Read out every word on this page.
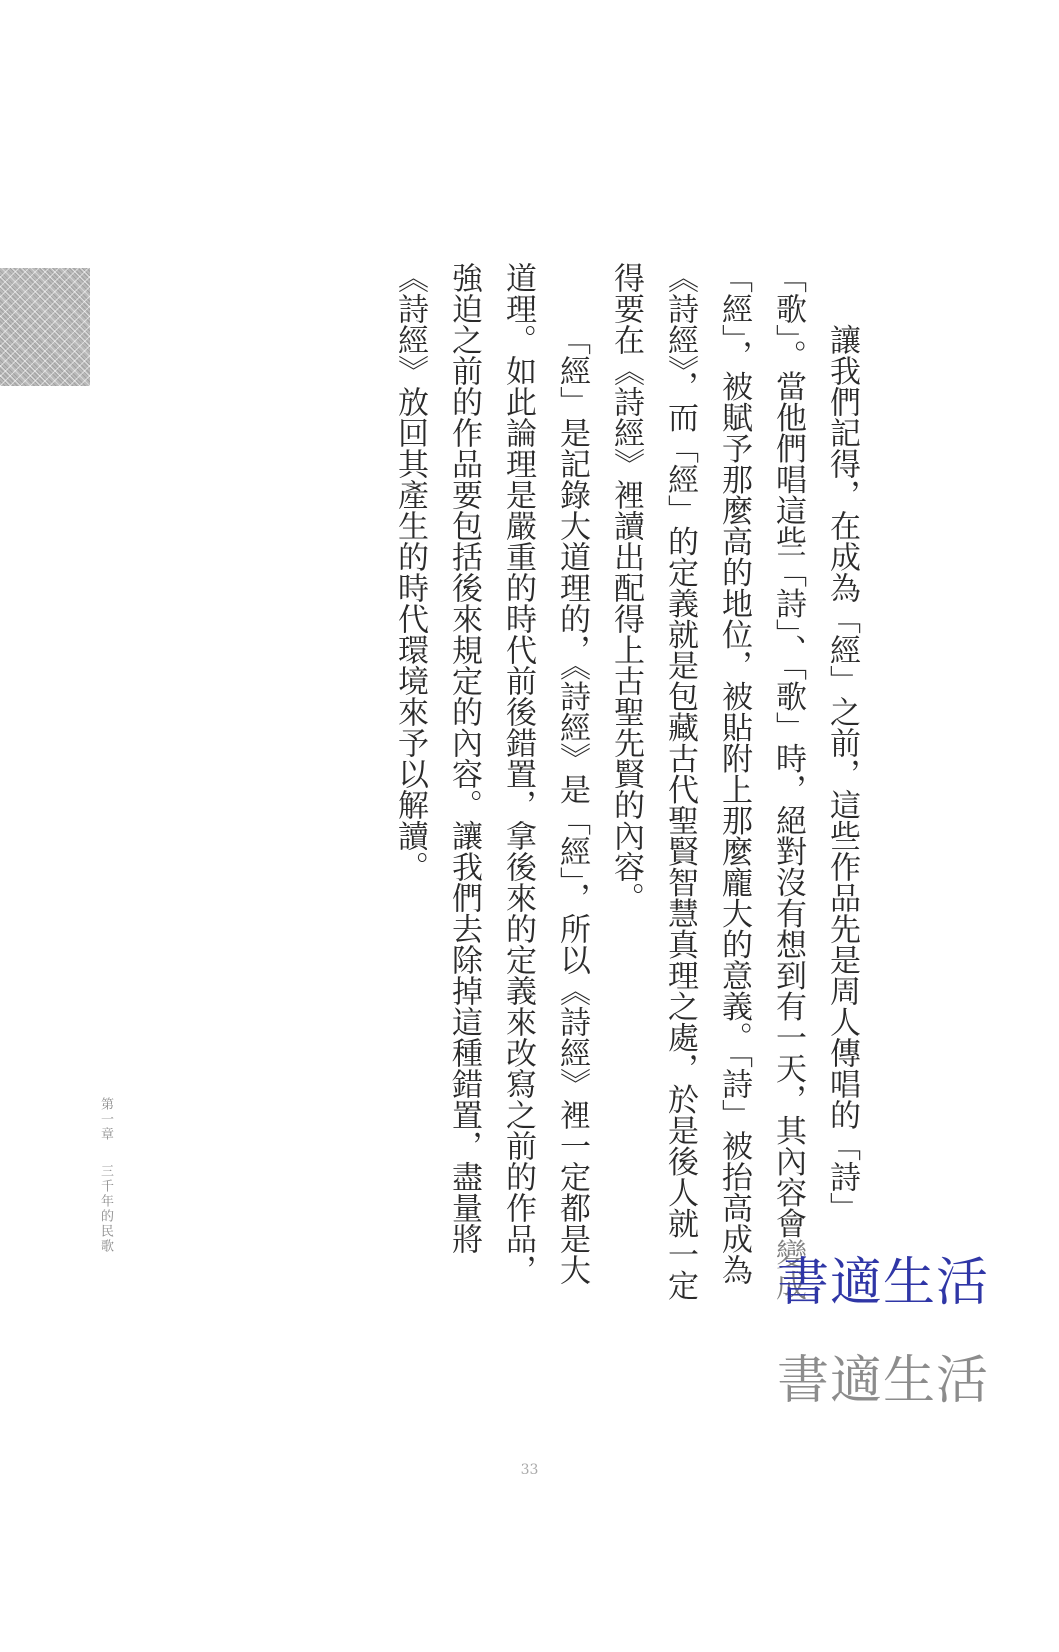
讓我們記得，在成為「經」之前，這些作品先是周人傳唱的「詩」「歌」。當他們唱這些「詩」、「歌」時，絕對沒有想到有一天，其內容會變成「經」，被賦予那麼高的地位，被貼附上那麼龐大的意義。「詩」被抬高成為《詩經》，而「經」的定義就是包藏古代聖賢智慧真理之處，於是後人就一定得要在《詩經》裡讀出配得上古聖先賢的內容。

「經」是記錄大道理的，《詩經》是「經」，所以《詩經》裡一定都是大道理。如此論理是嚴重的時代前後錯置，拿後來的定義來改寫之前的作品，強迫之前的作品要包括後來規定的內容。讓我們去除掉這種錯置，盡量將《詩經》放回其產生的時代環境來予以解讀。

第一章三千年的民歌
書適生活
書適生活
33
